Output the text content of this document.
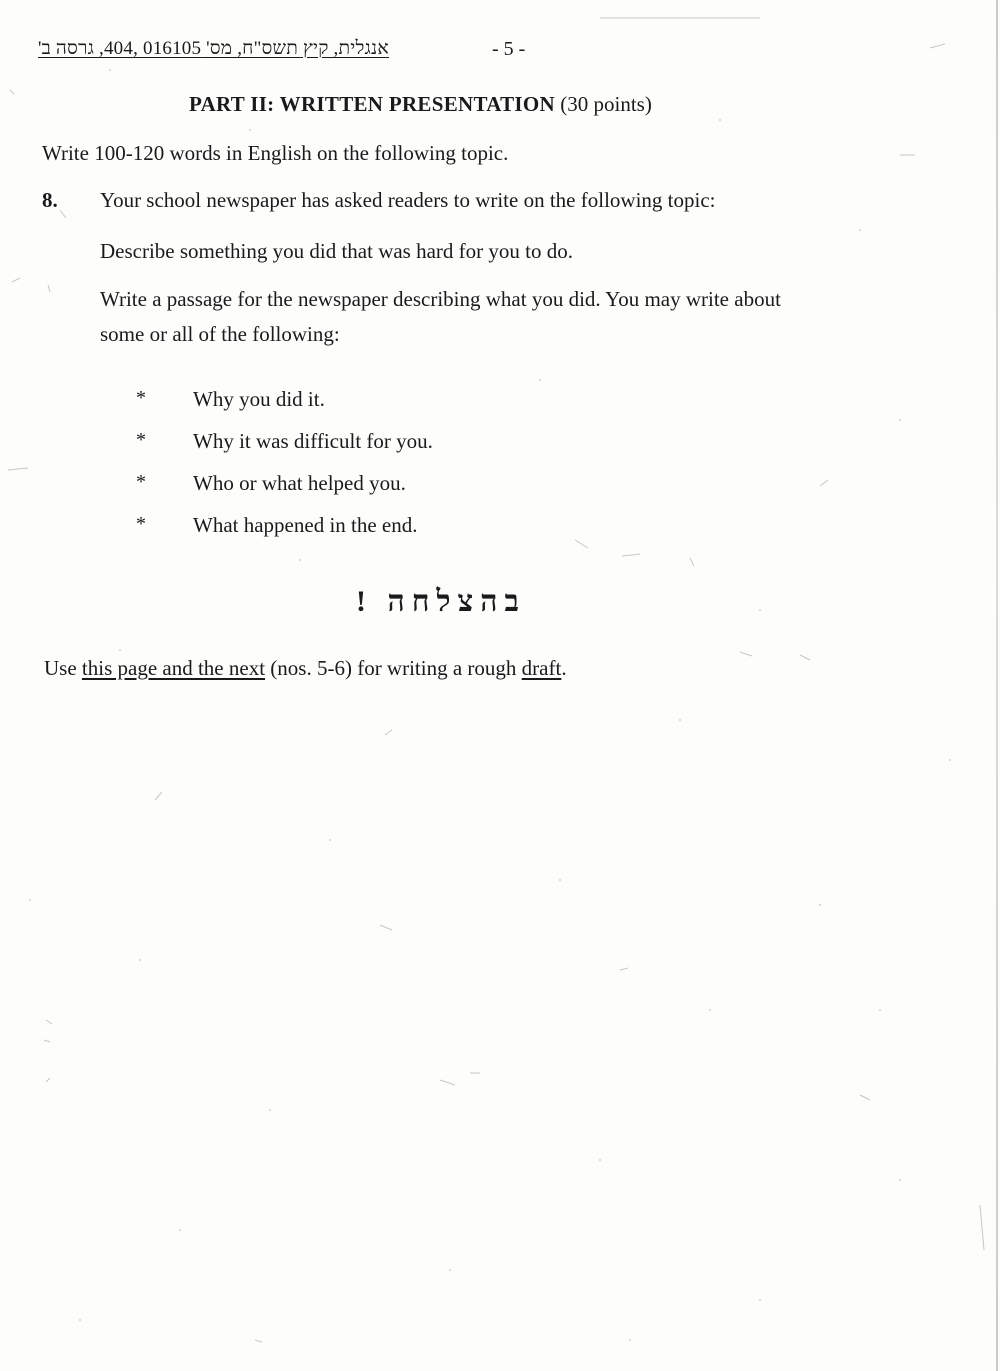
אנגלית, קיץ תשס"ח, מס' 016105 ,404, גרסה ב'	- 5 -
PART II: WRITTEN PRESENTATION (30 points)
Write 100-120 words in English on the following topic.
8. Your school newspaper has asked readers to write on the following topic:
Describe something you did that was hard for you to do.
Write a passage for the newspaper describing what you did. You may write about
some or all of the following:
* Why you did it.
* Why it was difficult for you.
* Who or what helped you.
* What happened in the end.
בהצלחה !
Use this page and the next (nos. 5-6) for writing a rough draft.
